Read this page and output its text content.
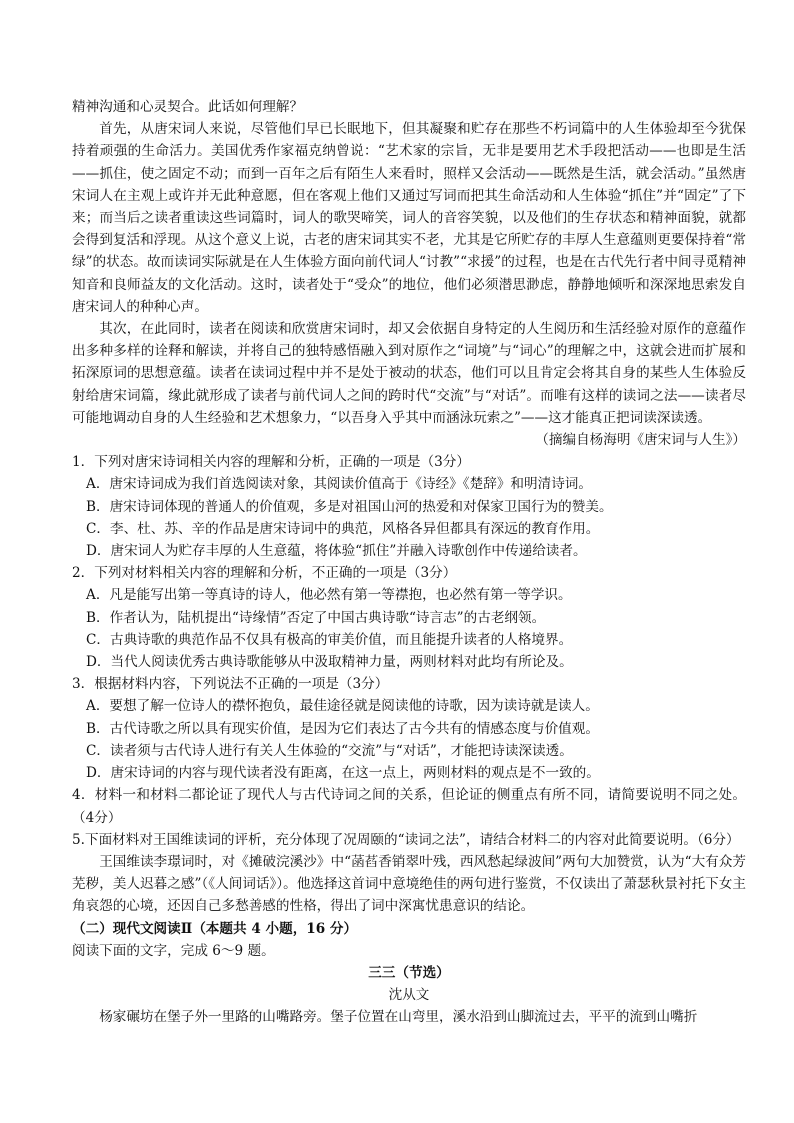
精神沟通和心灵契合。此话如何理解？

首先，从唐宋词人来说，尽管他们早已长眠地下，但其凝聚和贮存在那些不朽词篇中的人生体验却至今犹保持着顽强的生命活力。美国优秀作家福克纳曾说：“艺术家的宗旨，无非是要用艺术手段把活动——也即是生活——抓住，使之固定不动；而到一百年之后有陌生人来看时，照样又会活动——既然是生活，就会活动。”虽然唐宋词人在主观上或许并无此种意愿，但在客观上他们又通过写词而把其生命活动和人生体验“抓住”并“固定”了下来；而当后之读者重读这些词篇时，词人的歌哭啼笑，词人的音容笑貌，以及他们的生存状态和精神面貌，就都会得到复活和浮现。从这个意义上说，古老的唐宋词其实不老，尤其是它所贮存的丰厚人生意蕴则更要保持着“常绿”的状态。故而读词实际就是在人生体验方面向前代词人“讨教”“求援”的过程，也是在古代先行者中间寻觅精神知音和良师益友的文化活动。这时，读者处于“受众”的地位，他们必须潜思渺虑，静静地倾听和深深地思索发自唐宋词人的种种心声。

其次，在此同时，读者在阅读和欣赏唐宋词时，却又会依据自身特定的人生阅历和生活经验对原作的意蕴作出多种多样的诠释和解读，并将自己的独特感悟融入到对原作之“词境”与“词心”的理解之中，这就会进而扩展和拓深原词的思想意蕴。读者在读词过程中并不是处于被动的状态，他们可以且肯定会将其自身的某些人生体验反射给唐宋词篇，缘此就形成了读者与前代词人之间的跨时代“交流”与“对话”。而唯有这样的读词之法——读者尽可能地调动自身的人生经验和艺术想象力，“以吾身入乎其中而涵泳玩索之”——这才能真正把词读深读透。

（摘编自杨海明《唐宋词与人生》）

1．下列对唐宋诗词相关内容的理解和分析，正确的一项是（3分）

A．唐宋诗词成为我们首选阅读对象，其阅读价值高于《诗经》《楚辞》和明清诗词。

B．唐宋诗词体现的普通人的价值观，多是对祖国山河的热爱和对保家卫国行为的赞美。

C．李、杜、苏、辛的作品是唐宋诗词中的典范，风格各异但都具有深远的教育作用。

D．唐宋词人为贮存丰厚的人生意蕴，将体验“抓住”并融入诗歌创作中传递给读者。

2．下列对材料相关内容的理解和分析，不正确的一项是（3分）

A．凡是能写出第一等真诗的诗人，他必然有第一等襟抱，也必然有第一等学识。

B．作者认为，陆机提出“诗缘情”否定了中国古典诗歌“诗言志”的古老纲领。

C．古典诗歌的典范作品不仅具有极高的审美价值，而且能提升读者的人格境界。

D．当代人阅读优秀古典诗歌能够从中汲取精神力量，两则材料对此均有所论及。

3．根据材料内容，下列说法不正确的一项是（3分）

A．要想了解一位诗人的襟怀抱负，最佳途径就是阅读他的诗歌，因为读诗就是读人。

B．古代诗歌之所以具有现实价值，是因为它们表达了古今共有的情感态度与价值观。

C．读者须与古代诗人进行有关人生体验的“交流”与“对话”，才能把诗读深读透。

D．唐宋诗词的内容与现代读者没有距离，在这一点上，两则材料的观点是不一致的。

4．材料一和材料二都论证了现代人与古代诗词之间的关系，但论证的侧重点有所不同，请简要说明不同之处。（4分）

5.下面材料对王国维读词的评析，充分体现了况周颐的“读词之法”，请结合材料二的内容对此简要说明。（6分）

王国维读李璟词时，对《摊破浣溪沙》中“菡萏香销翠叶残，西风愁起绿波间”两句大加赞赏，认为“大有众芳芜秽，美人迟暮之感”（《人间词话》）。他选择这首词中意境绝佳的两句进行鉴赏，不仅读出了萧瑟秋景衬托下女主角哀怨的心境，还因自己多愁善感的性格，得出了词中深寓忧患意识的结论。

（二）现代文阅读Ⅱ（本题共 4 小题，16 分）

阅读下面的文字，完成 6～9 题。

三三（节选）

沈从文

杨家碾坊在堡子外一里路的山嘴路旁。堡子位置在山弯里，溪水沿到山脚流过去，平平的流到山嘴折
